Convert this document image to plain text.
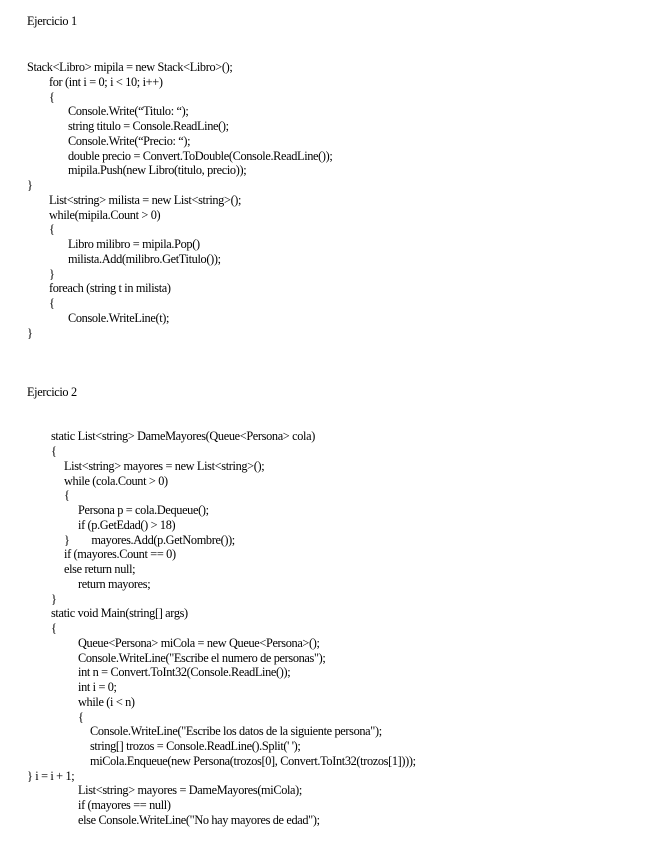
Ejercicio 1
Stack<Libro> mipila = new Stack<Libro>();
for (int i = 0; i < 10; i++)
{
Console.Write(“Titulo: “);
string titulo = Console.ReadLine();
Console.Write(“Precio: “);
double precio = Convert.ToDouble(Console.ReadLine());
mipila.Push(new Libro(titulo, precio));
}
List<string> milista = new List<string>();
while(mipila.Count > 0)
{
Libro milibro = mipila.Pop()
milista.Add(milibro.GetTitulo());
}
foreach (string t in milista)
{
Console.WriteLine(t);
}
Ejercicio 2
static List<string> DameMayores(Queue<Persona> cola)
{
List<string> mayores = new List<string>();
while (cola.Count > 0)
{
Persona p = cola.Dequeue();
if (p.GetEdad() > 18)
}        mayores.Add(p.GetNombre());
if (mayores.Count == 0)
else return null;
return mayores;
}
static void Main(string[] args)
{
Queue<Persona> miCola = new Queue<Persona>();
Console.WriteLine("Escribe el numero de personas");
int n = Convert.ToInt32(Console.ReadLine());
int i = 0;
while (i < n)
{
Console.WriteLine("Escribe los datos de la siguiente persona");
string[] trozos = Console.ReadLine().Split(' ');
miCola.Enqueue(new Persona(trozos[0], Convert.ToInt32(trozos[1])));
} i = i + 1;
List<string> mayores = DameMayores(miCola);
if (mayores == null)
else Console.WriteLine("No hay mayores de edad");
